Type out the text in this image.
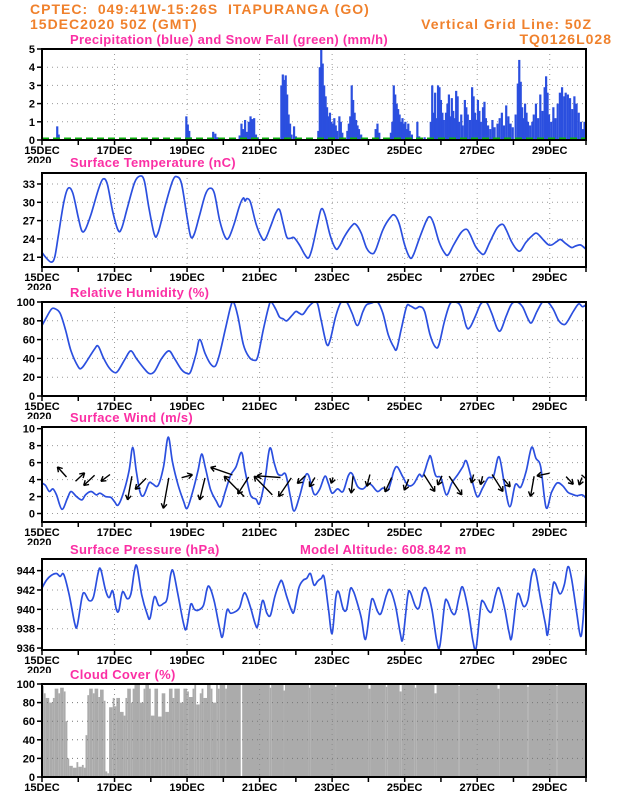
CPTEC:  049:41W-15:26S  ITAPURANGA (GO)
15DEC2020 50Z (GMT)	Vertical Grid Line: 50Z
TQ0126L028
15DEC	17DEC	19DEC	21DEC	23DEC	25DEC	27DEC	29DEC
0
1
2
3
4
5
15DEC	17DEC	19DEC	21DEC	23DEC	25DEC	27DEC	29DEC
21
24
27
30
33
15DEC	17DEC	19DEC	21DEC	23DEC	25DEC	27DEC	29DEC
0
20
40
60
80
100
15DEC	17DEC	19DEC	21DEC	23DEC	25DEC	27DEC	29DEC
0
2
4
6
8
10
15DEC	17DEC	19DEC	21DEC	23DEC	25DEC	27DEC	29DEC
936
938
940
942
944
15DEC	17DEC	19DEC	21DEC	23DEC	25DEC	27DEC	29DEC
0
20
40
60
80
100
Precipitation (blue) and Snow Fall (green) (mm/h)
Surface Temperature (nC)
Relative Humidity (%)
Surface Wind (m/s)
Surface Pressure (hPa)	Model Altitude: 608.842 m
Cloud Cover (%)
2020
2020
2020
2020
2020
